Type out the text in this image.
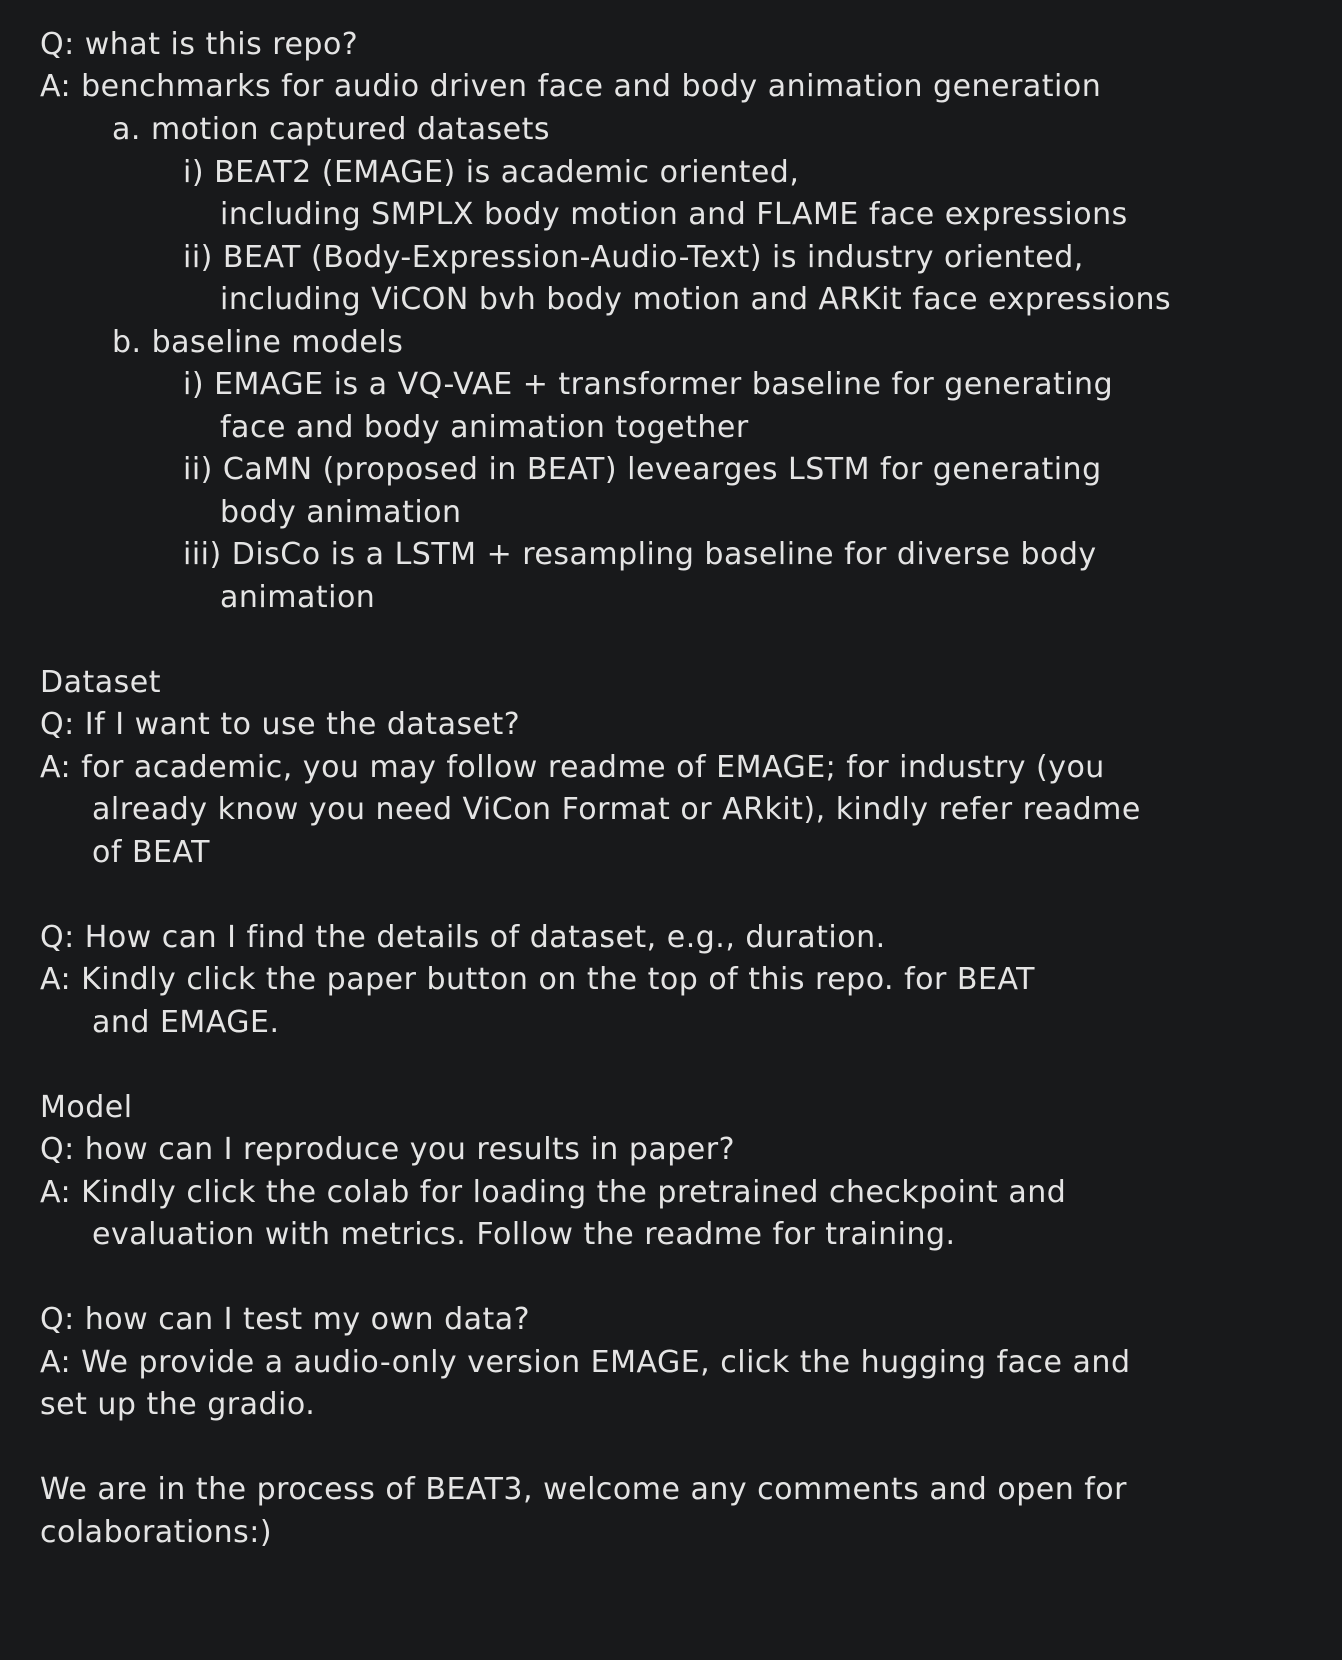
Q: what is this repo?
A: benchmarks for audio driven face and body animation generation
a. motion captured datasets
i) BEAT2 (EMAGE) is academic oriented,
including SMPLX body motion and FLAME face expressions
ii) BEAT (Body-Expression-Audio-Text) is industry oriented,
including ViCON bvh body motion and ARKit face expressions
b. baseline models
i) EMAGE is a VQ-VAE + transformer baseline for generating
face and body animation together
ii) CaMN (proposed in BEAT) levearges LSTM for generating
body animation
iii) DisCo is a LSTM + resampling baseline for diverse body
animation
Dataset
Q: If I want to use the dataset?
A: for academic, you may follow readme of EMAGE; for industry (you
already know you need ViCon Format or ARkit), kindly refer readme
of BEAT
Q: How can I find the details of dataset, e.g., duration.
A: Kindly click the paper button on the top of this repo. for BEAT
and EMAGE.
Model
Q: how can I reproduce you results in paper?
A: Kindly click the colab for loading the pretrained checkpoint and
evaluation with metrics. Follow the readme for training.
Q: how can I test my own data?
A: We provide a audio-only version EMAGE, click the hugging face and
set up the gradio.
We are in the process of BEAT3, welcome any comments and open for
colaborations:)
